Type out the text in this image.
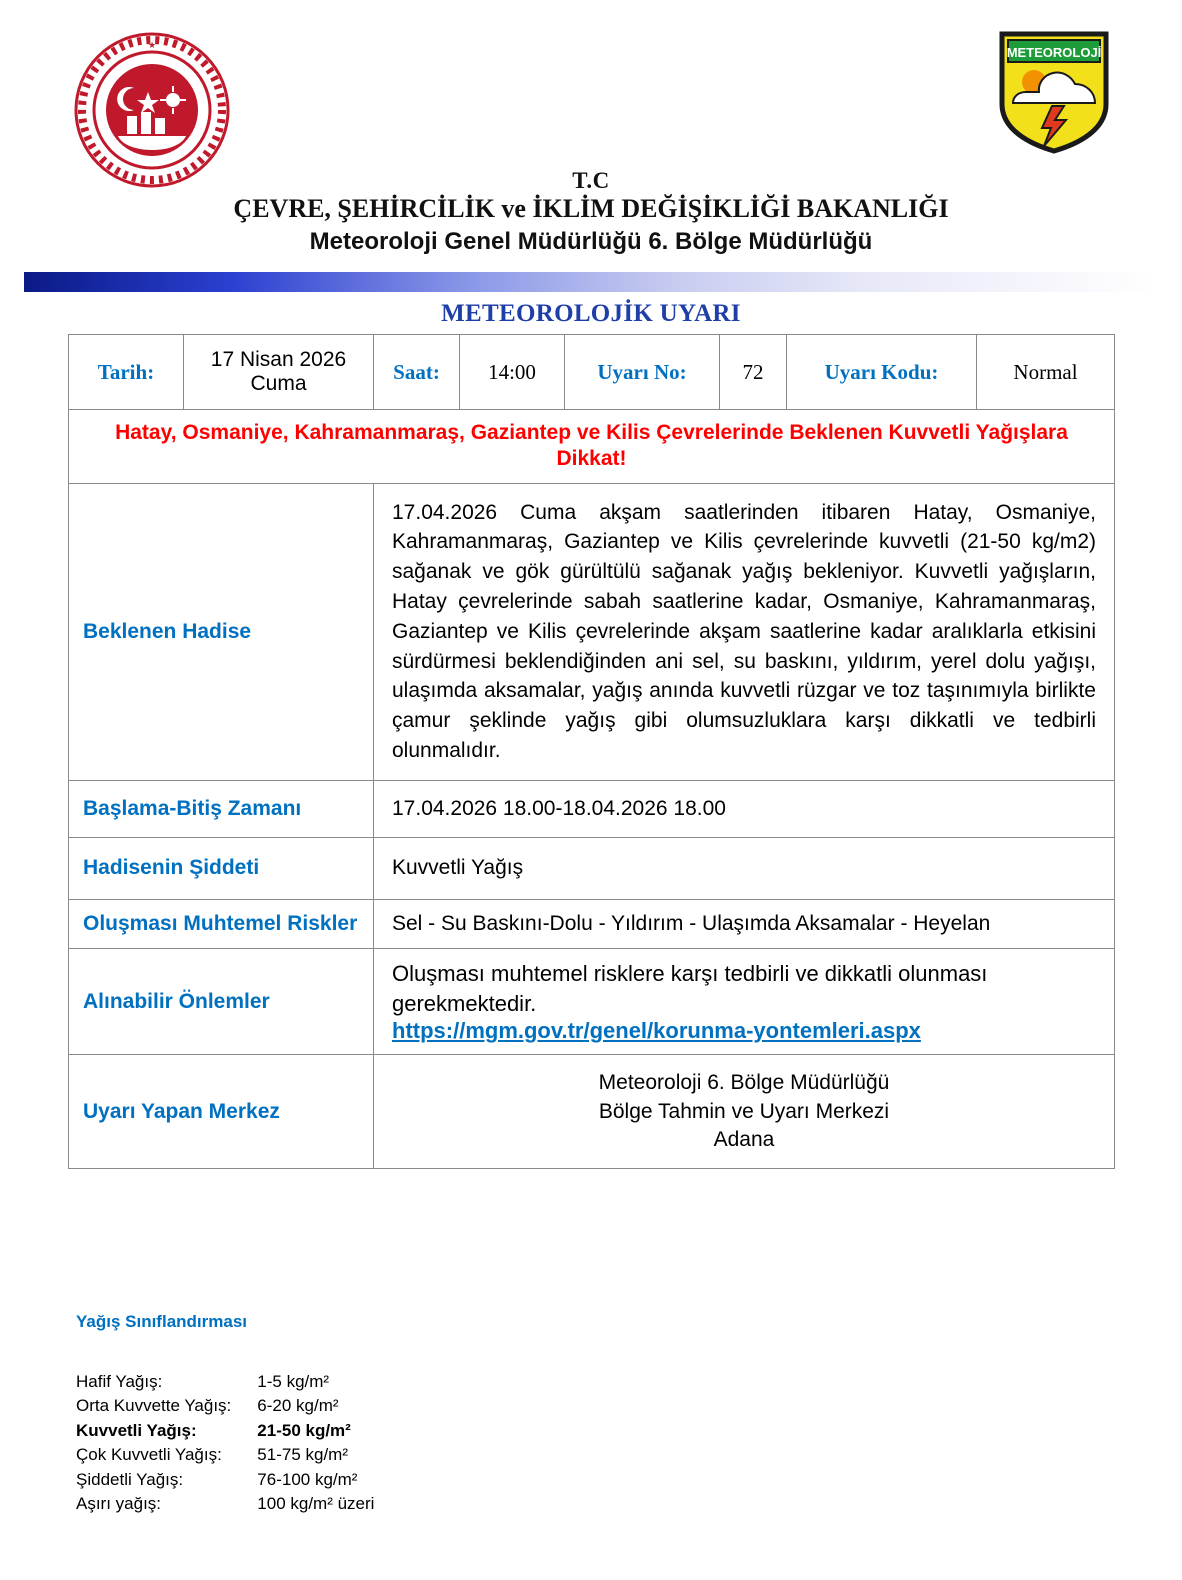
★	METEOROLOJİ
T.C
ÇEVRE, ŞEHİRCİLİK ve İKLİM DEĞİŞİKLİĞİ BAKANLIĞI
Meteoroloji Genel Müdürlüğü 6. Bölge Müdürlüğü
METEOROLOJİK UYARI
Tarih:	17 Nisan 2026 Cuma	Saat:	14:00	Uyarı No:	72	Uyarı Kodu:	Normal
Hatay, Osmaniye, Kahramanmaraş, Gaziantep ve Kilis Çevrelerinde Beklenen Kuvvetli Yağışlara Dikkat!							
Beklenen Hadise		17.04.2026 Cuma akşam saatlerinden itibaren Hatay, Osmaniye, Kahramanmaraş, Gaziantep ve Kilis çevrelerinde kuvvetli (21-50 kg/m2) sağanak ve gök gürültülü sağanak yağış bekleniyor. Kuvvetli yağışların, Hatay çevrelerinde sabah saatlerine kadar, Osmaniye, Kahramanmaraş, Gaziantep ve Kilis çevrelerinde akşam saatlerine kadar aralıklarla etkisini sürdürmesi beklendiğinden ani sel, su baskını, yıldırım, yerel dolu yağışı, ulaşımda aksamalar, yağış anında kuvvetli rüzgar ve toz taşınımıyla birlikte çamur şeklinde yağış gibi olumsuzluklara karşı dikkatli ve tedbirli olunmalıdır.					
Başlama-Bitiş Zamanı		17.04.2026 18.00-18.04.2026 18.00					
Hadisenin Şiddeti		Kuvvetli Yağış					
Oluşması Muhtemel Riskler		Sel - Su Baskını-Dolu - Yıldırım - Ulaşımda Aksamalar - Heyelan					
Alınabilir Önlemler		Oluşması muhtemel risklere karşı tedbirli ve dikkatli olunması gerekmektedir.
https://mgm.gov.tr/genel/korunma-yontemleri.aspx					
Uyarı Yapan Merkez		Meteoroloji 6. Bölge Müdürlüğü
Bölge Tahmin ve Uyarı Merkezi
Adana					
Yağış Sınıflandırması
Hafif Yağış:	1-5 kg/m²
Orta Kuvvette Yağış:	6-20 kg/m²
Kuvvetli Yağış:	21-50 kg/m²
Çok Kuvvetli Yağış:	51-75 kg/m²
Şiddetli Yağış:	76-100 kg/m²
Aşırı yağış:	100 kg/m² üzeri
